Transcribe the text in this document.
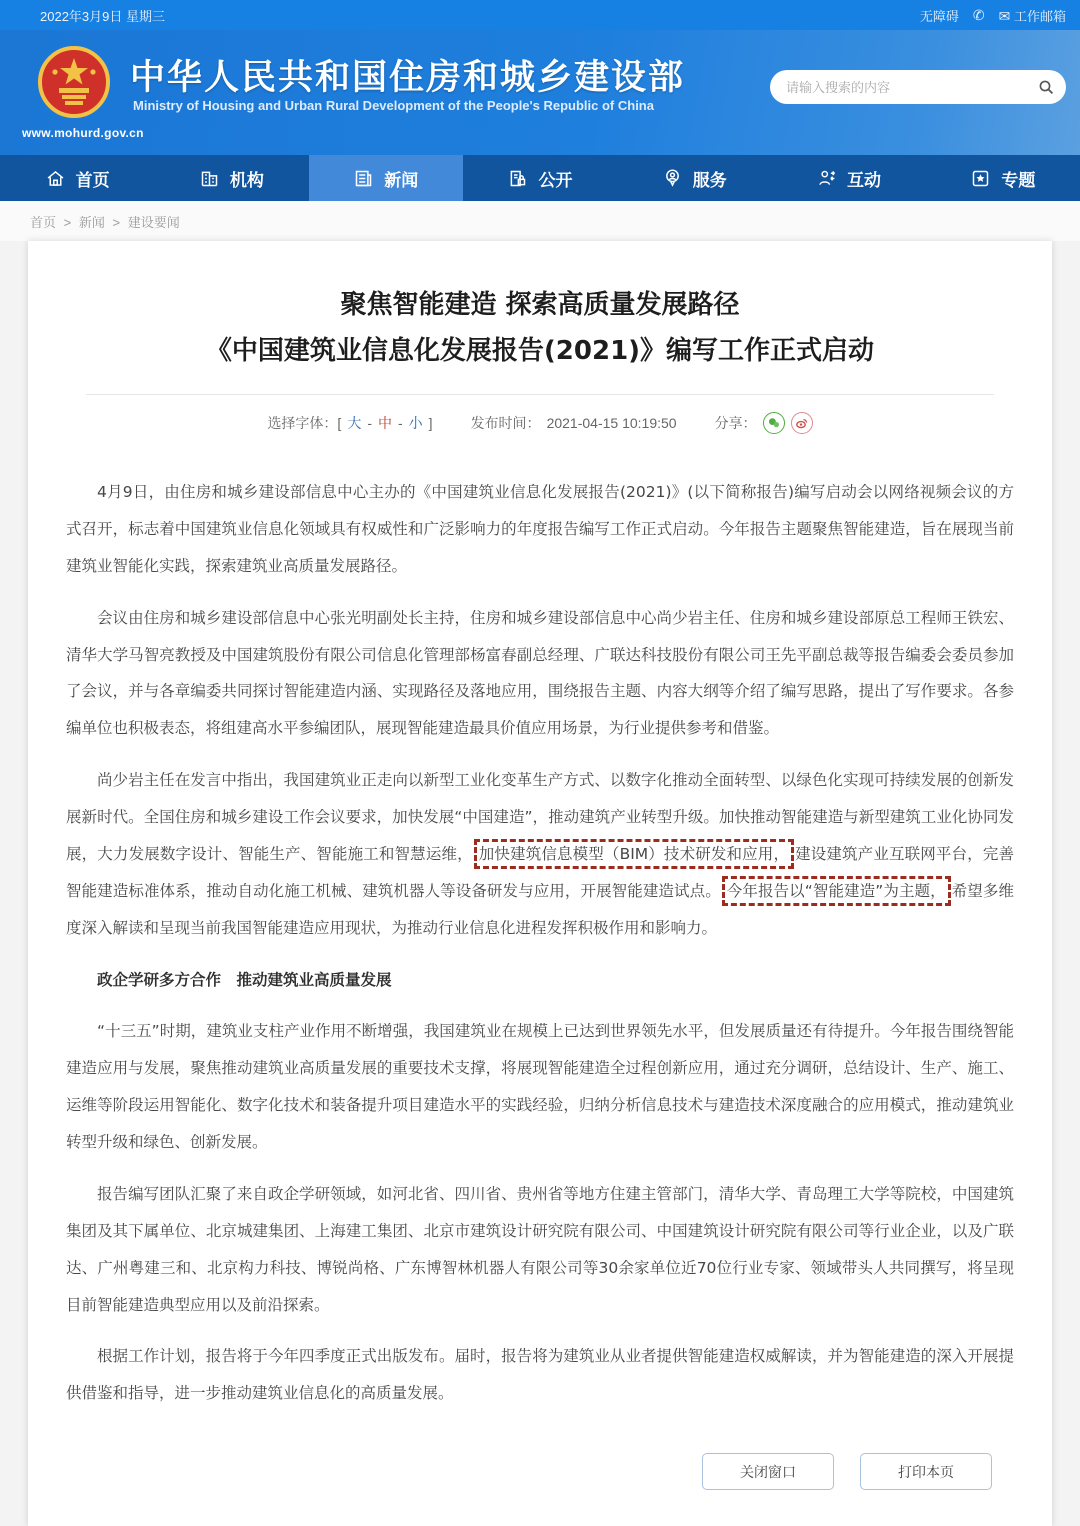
2022年3月9日 星期三	无障碍 ✆ ✉ 工作邮箱
www.mohurd.gov.cn
中华人民共和国住房和城乡建设部
Ministry of Housing and Urban Rural Development of the People's Republic of China
请输入搜索的内容
首页	机构	新闻	公开	服务	互动	专题
首页 > 新闻 > 建设要闻
聚焦智能建造 探索高质量发展路径
《中国建筑业信息化发展报告(2021)》编写工作正式启动
选择字体：[ 大 - 中 - 小 ]	发布时间： 2021-04-15 10:19:50	分享：

4月9日，由住房和城乡建设部信息中心主办的《中国建筑业信息化发展报告(2021)》(以下简称报告)编写启动会以网络视频会议的方式召开，标志着中国建筑业信息化领域具有权威性和广泛影响力的年度报告编写工作正式启动。今年报告主题聚焦智能建造，旨在展现当前建筑业智能化实践，探索建筑业高质量发展路径。

会议由住房和城乡建设部信息中心张光明副处长主持，住房和城乡建设部信息中心尚少岩主任、住房和城乡建设部原总工程师王铁宏、清华大学马智亮教授及中国建筑股份有限公司信息化管理部杨富春副总经理、广联达科技股份有限公司王先平副总裁等报告编委会委员参加了会议，并与各章编委共同探讨智能建造内涵、实现路径及落地应用，围绕报告主题、内容大纲等介绍了编写思路，提出了写作要求。各参编单位也积极表态，将组建高水平参编团队，展现智能建造最具价值应用场景，为行业提供参考和借鉴。

尚少岩主任在发言中指出，我国建筑业正走向以新型工业化变革生产方式、以数字化推动全面转型、以绿色化实现可持续发展的创新发展新时代。全国住房和城乡建设工作会议要求，加快发展“中国建造”，推动建筑产业转型升级。加快推动智能建造与新型建筑工业化协同发展，大力发展数字设计、智能生产、智能施工和智慧运维， 加快建筑信息模型（BIM）技术研发和应用， 建设建筑产业互联网平台，完善智能建造标准体系，推动自动化施工机械、建筑机器人等设备研发与应用，开展智能建造试点。 今年报告以“智能建造”为主题， 希望多维度深入解读和呈现当前我国智能建造应用现状，为推动行业信息化进程发挥积极作用和影响力。

政企学研多方合作　推动建筑业高质量发展

“十三五”时期，建筑业支柱产业作用不断增强，我国建筑业在规模上已达到世界领先水平，但发展质量还有待提升。今年报告围绕智能建造应用与发展，聚焦推动建筑业高质量发展的重要技术支撑，将展现智能建造全过程创新应用，通过充分调研，总结设计、生产、施工、运维等阶段运用智能化、数字化技术和装备提升项目建造水平的实践经验，归纳分析信息技术与建造技术深度融合的应用模式，推动建筑业转型升级和绿色、创新发展。

报告编写团队汇聚了来自政企学研领域，如河北省、四川省、贵州省等地方住建主管部门，清华大学、青岛理工大学等院校，中国建筑集团及其下属单位、北京城建集团、上海建工集团、北京市建筑设计研究院有限公司、中国建筑设计研究院有限公司等行业企业，以及广联达、广州粤建三和、北京构力科技、博锐尚格、广东博智林机器人有限公司等30余家单位近70位行业专家、领域带头人共同撰写，将呈现目前智能建造典型应用以及前沿探索。

根据工作计划，报告将于今年四季度正式出版发布。届时，报告将为建筑业从业者提供智能建造权威解读，并为智能建造的深入开展提供借鉴和指导，进一步推动建筑业信息化的高质量发展。

关闭窗口	打印本页
